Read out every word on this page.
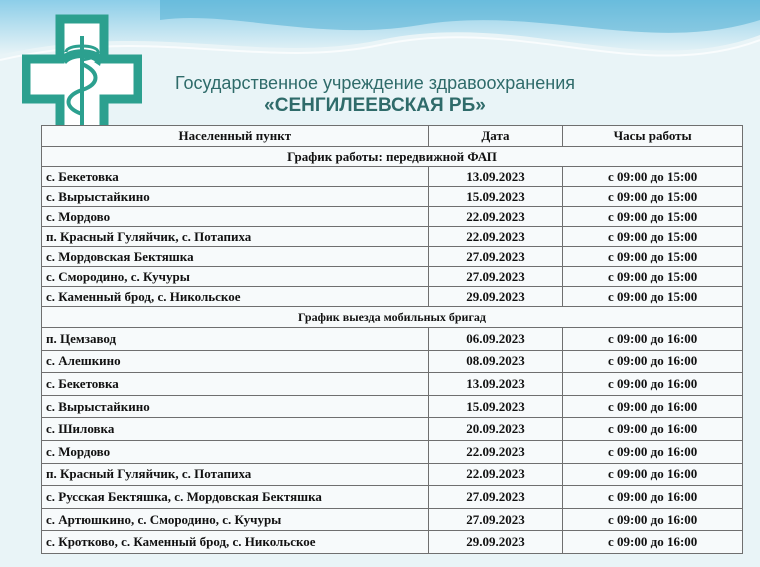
Государственное учреждение здравоохранения
«СЕНГИЛЕЕВСКАЯ РБ»
Населенный пункт	Дата	Часы работы
График работы: передвижной ФАП		
с. Бекетовка	13.09.2023	с 09:00 до 15:00
с. Вырыстайкино	15.09.2023	с 09:00 до 15:00
с. Мордово	22.09.2023	с 09:00 до 15:00
п. Красный Гуляйчик, с. Потапиха	22.09.2023	с 09:00 до 15:00
с. Мордовская Бектяшка	27.09.2023	с 09:00 до 15:00
с. Смородино, с. Кучуры	27.09.2023	с 09:00 до 15:00
с. Каменный брод, с. Никольское	29.09.2023	с 09:00 до 15:00
График выезда мобильных бригад		
п. Цемзавод	06.09.2023	с 09:00 до 16:00
с. Алешкино	08.09.2023	с 09:00 до 16:00
с. Бекетовка	13.09.2023	с 09:00 до 16:00
с. Вырыстайкино	15.09.2023	с 09:00 до 16:00
с. Шиловка	20.09.2023	с 09:00 до 16:00
с. Мордово	22.09.2023	с 09:00 до 16:00
п. Красный Гуляйчик, с. Потапиха	22.09.2023	с 09:00 до 16:00
с. Русская Бектяшка, с. Мордовская Бектяшка	27.09.2023	с 09:00 до 16:00
с. Артюшкино, с. Смородино, с. Кучуры	27.09.2023	с 09:00 до 16:00
с. Кротково, с. Каменный брод, с. Никольское	29.09.2023	с 09:00 до 16:00
